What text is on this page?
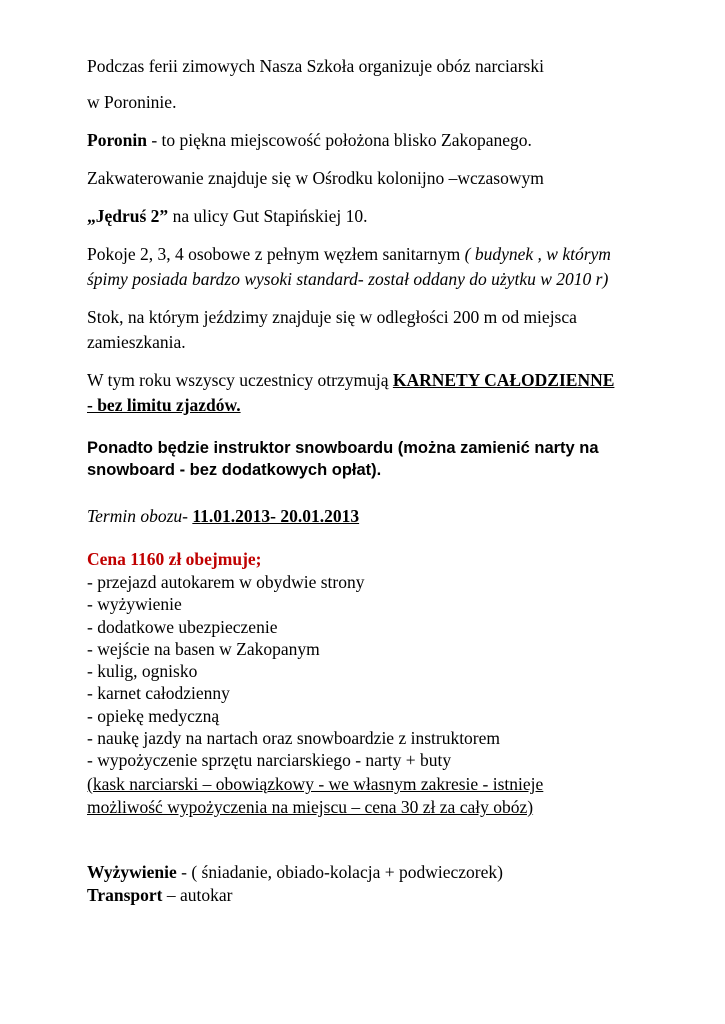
Podczas ferii zimowych Nasza Szkoła organizuje obóz narciarski
w Poroninie.
Poronin - to piękna miejscowość położona blisko Zakopanego.
Zakwaterowanie znajduje się w Ośrodku kolonijno –wczasowym
„Jędruś 2” na ulicy Gut Stapińskiej 10.
Pokoje 2, 3, 4 osobowe z pełnym węzłem sanitarnym ( budynek , w którym
śpimy posiada bardzo wysoki standard- został oddany do użytku w 2010 r)
Stok, na którym jeździmy znajduje się w odległości 200 m od miejsca
zamieszkania.
W tym roku wszyscy uczestnicy otrzymują KARNETY CAŁODZIENNE
- bez limitu zjazdów.
Ponadto będzie instruktor snowboardu (można zamienić narty na
snowboard - bez dodatkowych opłat).
Termin obozu- 11.01.2013- 20.01.2013
Cena 1160 zł obejmuje;
- przejazd autokarem w obydwie strony
- wyżywienie
- dodatkowe ubezpieczenie
- wejście na basen w Zakopanym
- kulig, ognisko
- karnet całodzienny
- opiekę medyczną
- naukę jazdy na nartach oraz snowboardzie z instruktorem
- wypożyczenie sprzętu narciarskiego - narty + buty
(kask narciarski – obowiązkowy - we własnym zakresie - istnieje
możliwość wypożyczenia na miejscu – cena 30 zł za cały obóz)
Wyżywienie - ( śniadanie, obiado-kolacja + podwieczorek)
Transport – autokar
